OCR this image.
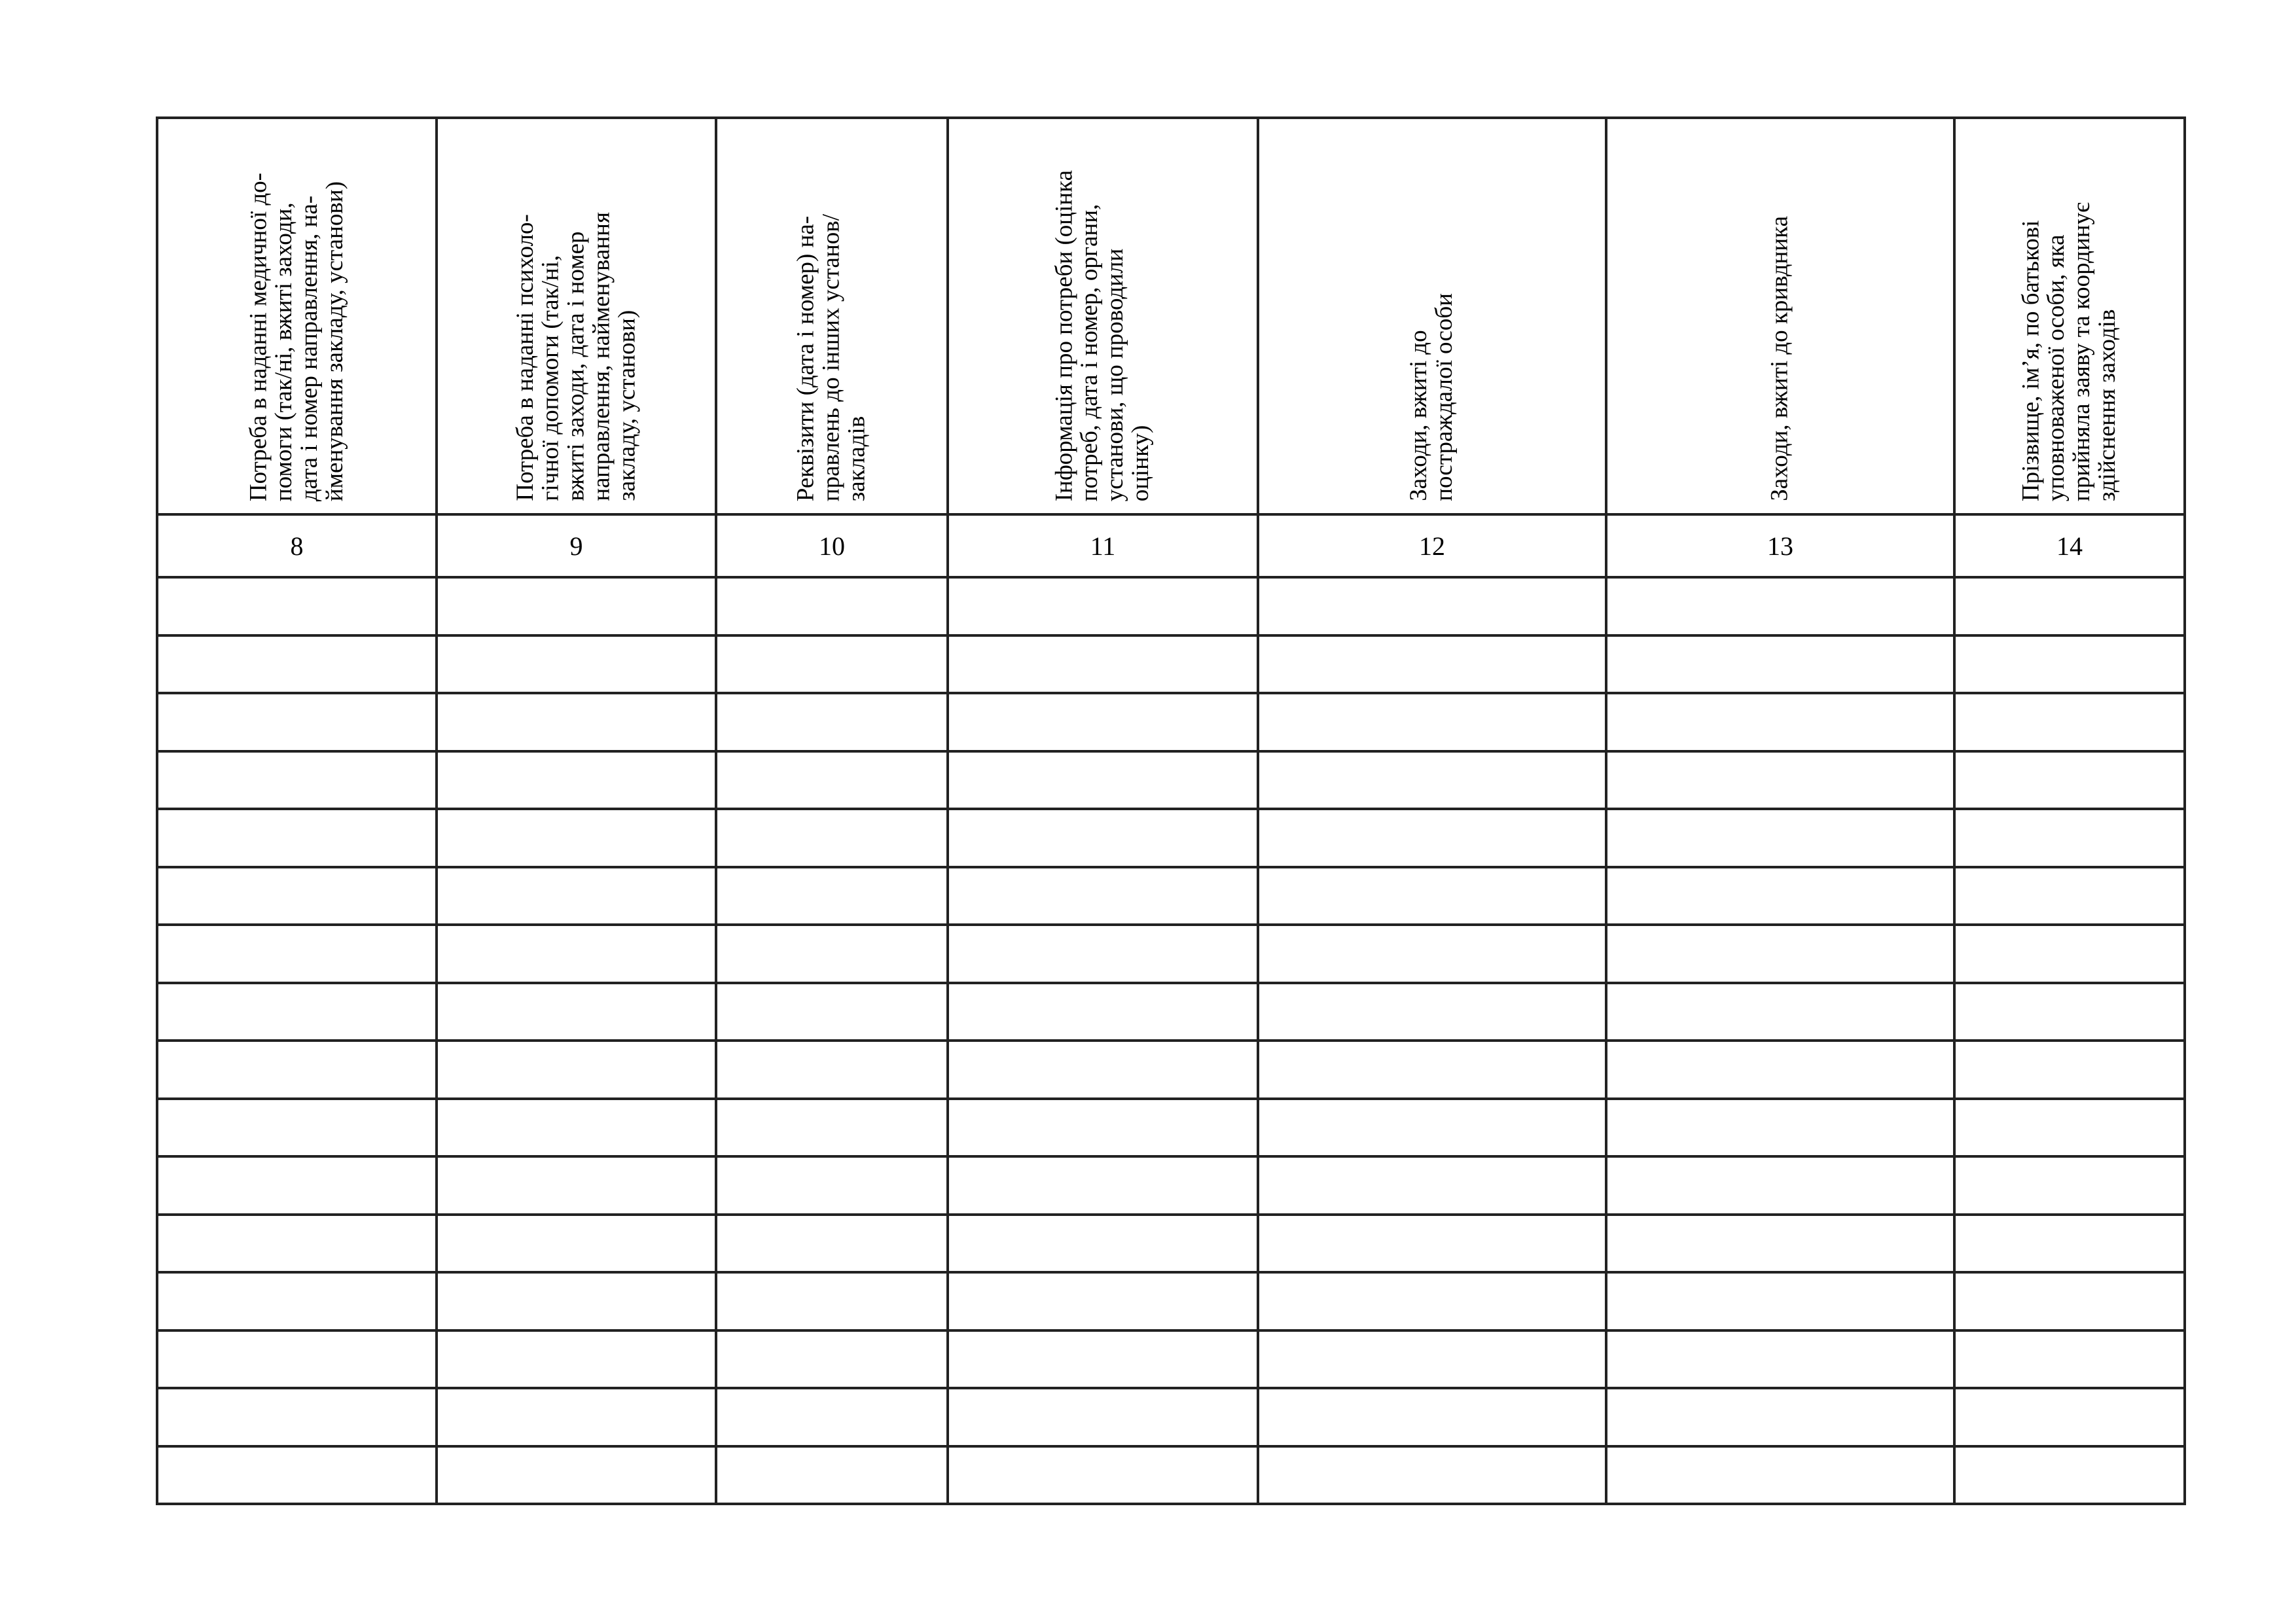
Потреба в наданні медичної до-
помоги (так/ні, вжиті заходи,
дата і номер направлення, на-
йменування закладу, установи)	Потреба в наданні психоло-
гічної допомоги (так/ні,
вжиті заходи, дата і номер
направлення, найменування
закладу, установи)	Реквізити (дата і номер) на-
правлень до інших установ/
закладів	Інформація про потреби (оцінка
потреб, дата і номер, органи,
установи, що проводили
оцінку)	Заходи, вжиті до
постраждалої особи	Заходи, вжиті до кривдника	Прізвище, ім’я, по батькові
уповноваженої особи, яка
прийняла заяву та координує
здійснення заходів

8	9	10	11	12	13	14
